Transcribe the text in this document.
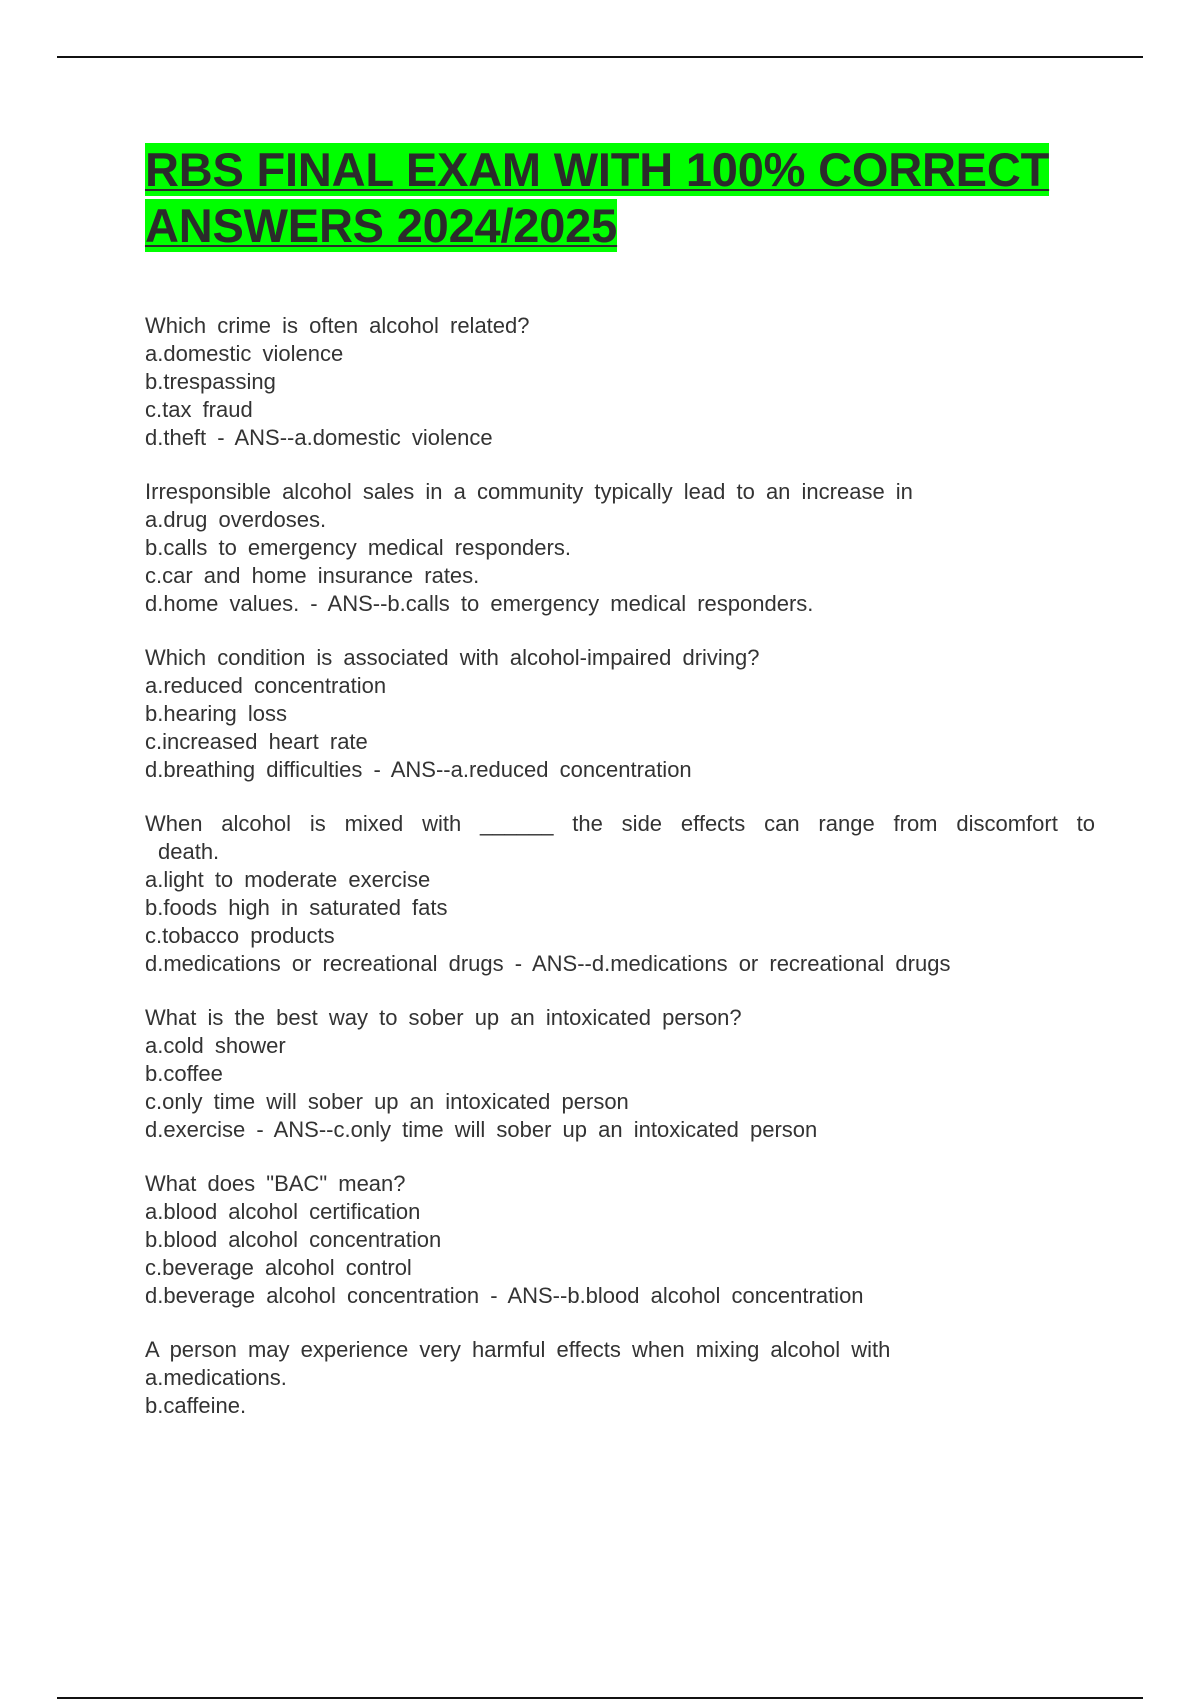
RBS FINAL EXAM WITH 100% CORRECT ANSWERS 2024/2025
Which crime is often alcohol related?
a.domestic violence
b.trespassing
c.tax fraud
d.theft - ANS--a.domestic violence
Irresponsible alcohol sales in a community typically lead to an increase in
a.drug overdoses.
b.calls to emergency medical responders.
c.car and home insurance rates.
d.home values. - ANS--b.calls to emergency medical responders.
Which condition is associated with alcohol-impaired driving?
a.reduced concentration
b.hearing loss
c.increased heart rate
d.breathing difficulties - ANS--a.reduced concentration
When alcohol is mixed with ______ the side effects can range from discomfort to
death.
a.light to moderate exercise
b.foods high in saturated fats
c.tobacco products
d.medications or recreational drugs - ANS--d.medications or recreational drugs
What is the best way to sober up an intoxicated person?
a.cold shower
b.coffee
c.only time will sober up an intoxicated person
d.exercise - ANS--c.only time will sober up an intoxicated person
What does "BAC" mean?
a.blood alcohol certification
b.blood alcohol concentration
c.beverage alcohol control
d.beverage alcohol concentration - ANS--b.blood alcohol concentration
A person may experience very harmful effects when mixing alcohol with
a.medications.
b.caffeine.
